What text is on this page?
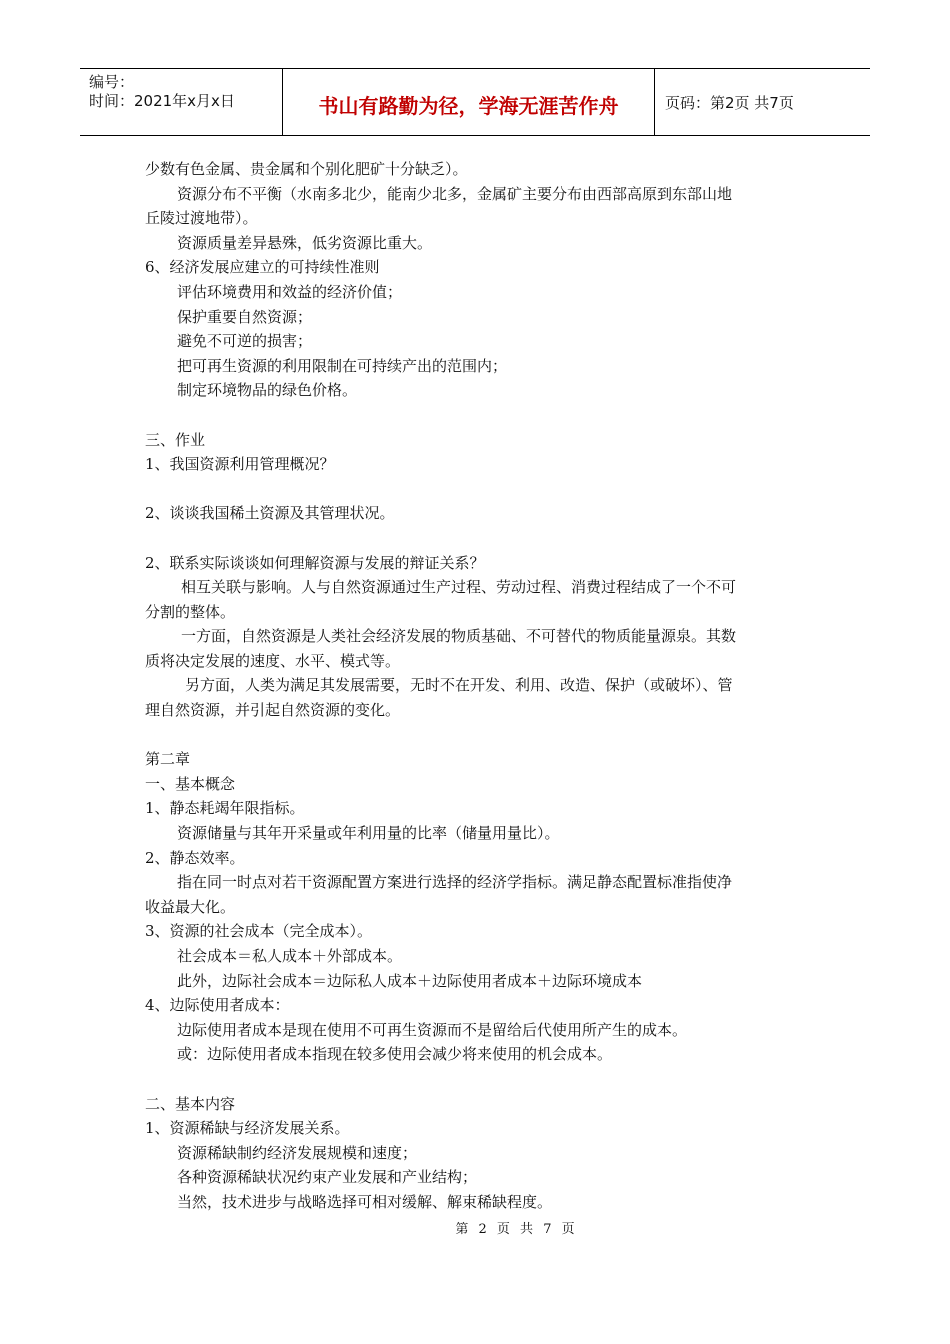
编号：
时间：2021年x月x日	书山有路勤为径，学海无涯苦作舟	页码：第2页 共7页
少数有色金属、贵金属和个别化肥矿十分缺乏）。
资源分布不平衡（水南多北少，能南少北多，金属矿主要分布由西部高原到东部山地
丘陵过渡地带）。
资源质量差异悬殊，低劣资源比重大。
6、经济发展应建立的可持续性准则
评估环境费用和效益的经济价值；
保护重要自然资源；
避免不可逆的损害；
把可再生资源的利用限制在可持续产出的范围内；
制定环境物品的绿色价格。
三、作业
1、我国资源利用管理概况？
2、谈谈我国稀土资源及其管理状况。
2、联系实际谈谈如何理解资源与发展的辩证关系？
相互关联与影响。人与自然资源通过生产过程、劳动过程、消费过程结成了一个不可
分割的整体。
一方面，自然资源是人类社会经济发展的物质基础、不可替代的物质能量源泉。其数
质将决定发展的速度、水平、模式等。
另方面，人类为满足其发展需要，无时不在开发、利用、改造、保护（或破坏）、管
理自然资源，并引起自然资源的变化。
第二章
一、基本概念
1、静态耗竭年限指标。
资源储量与其年开采量或年利用量的比率（储量用量比）。
2、静态效率。
指在同一时点对若干资源配置方案进行选择的经济学指标。满足静态配置标准指使净
收益最大化。
3、资源的社会成本（完全成本）。
社会成本＝私人成本＋外部成本。
此外，边际社会成本＝边际私人成本＋边际使用者成本＋边际环境成本
4、边际使用者成本：
边际使用者成本是现在使用不可再生资源而不是留给后代使用所产生的成本。
或：边际使用者成本指现在较多使用会减少将来使用的机会成本。
二、基本内容
1、资源稀缺与经济发展关系。
资源稀缺制约经济发展规模和速度；
各种资源稀缺状况约束产业发展和产业结构；
当然，技术进步与战略选择可相对缓解、解束稀缺程度。
第 2 页 共 7 页
